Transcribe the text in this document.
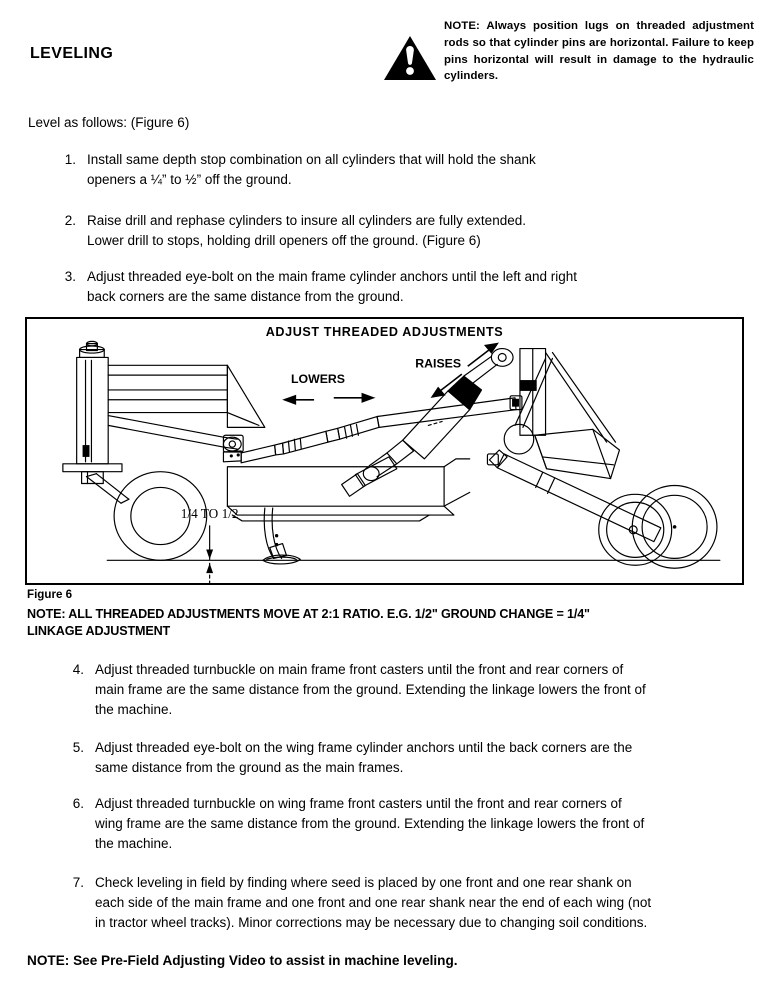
LEVELING
NOTE: Always position lugs on threaded adjustment rods so that cylinder pins are horizontal. Failure to keep pins horizontal will result in damage to the hydraulic cylinders.
Level as follows: (Figure 6)
1. Install same depth stop combination on all cylinders that will hold the shank

openers a ¼” to ½” off the ground.

2. Raise drill and rephase cylinders to insure all cylinders are fully extended.

Lower drill to stops, holding drill openers off the ground. (Figure 6)

3. Adjust threaded eye-bolt on the main frame cylinder anchors until the left and right

back corners are the same distance from the ground.

ADJUST THREADED ADJUSTMENTS
LOWERS
RAISES
1/4 TO 1/2
Figure 6
NOTE: ALL THREADED ADJUSTMENTS MOVE AT 2:1 RATIO. E.G. 1/2" GROUND CHANGE = 1/4"
LINKAGE ADJUSTMENT
4. Adjust threaded turnbuckle on main frame front casters until the front and rear corners of

main frame are the same distance from the ground. Extending the linkage lowers the front of

the machine.

5. Adjust threaded eye-bolt on the wing frame cylinder anchors until the back corners are the

same distance from the ground as the main frames.

6. Adjust threaded turnbuckle on wing frame front casters until the front and rear corners of

wing frame are the same distance from the ground. Extending the linkage lowers the front of

the machine.

7. Check leveling in field by finding where seed is placed by one front and one rear shank on

each side of the main frame and one front and one rear shank near the end of each wing (not

in tractor wheel tracks). Minor corrections may be necessary due to changing soil conditions.

NOTE: See Pre-Field Adjusting Video to assist in machine leveling.
